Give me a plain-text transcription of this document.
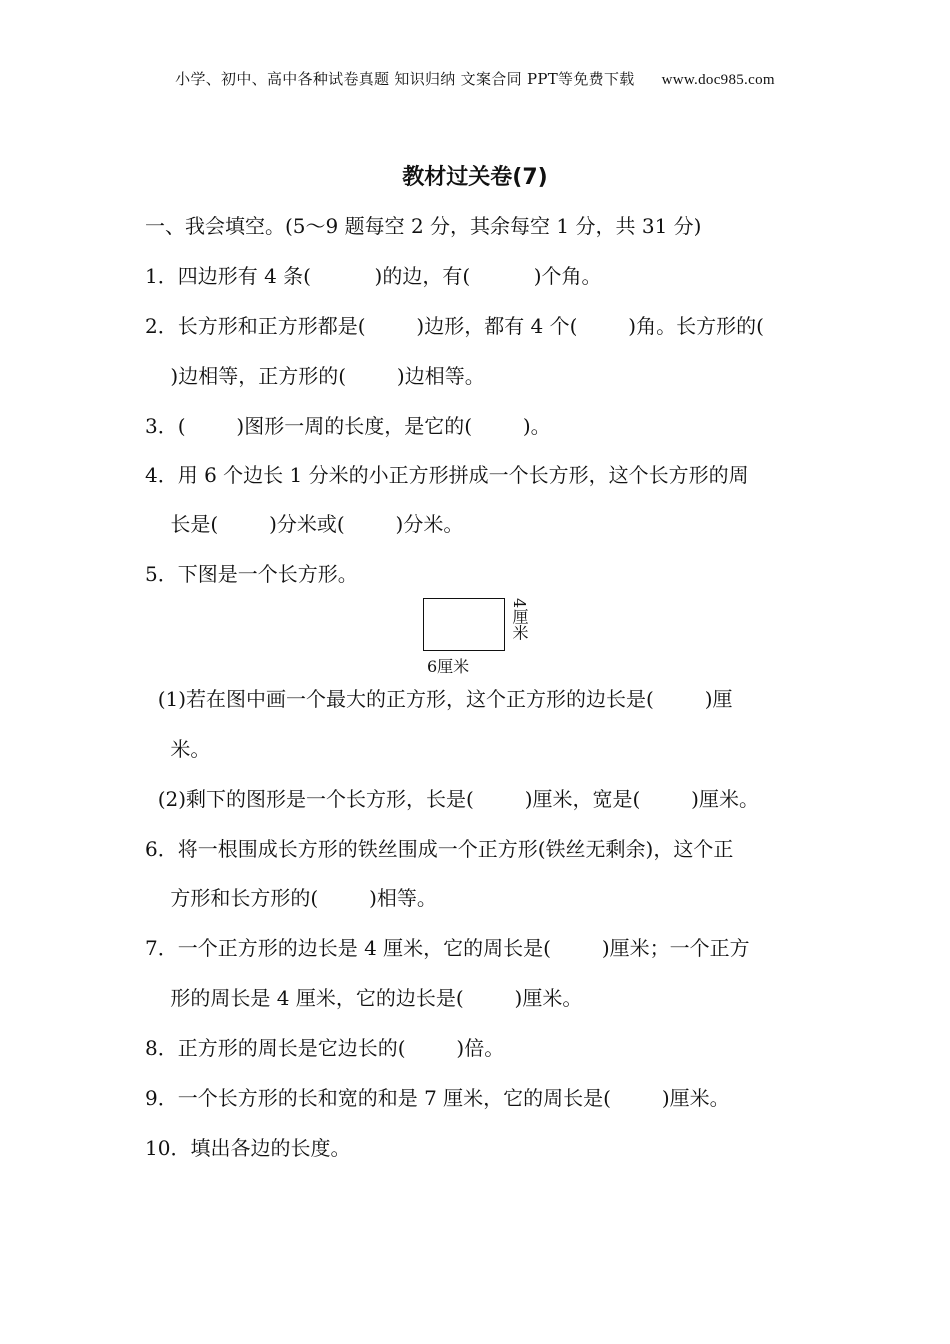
小学、初中、高中各种试卷真题 知识归纳 文案合同 PPT等免费下载 www.doc985.com
教材过关卷(7)
一、我会填空。(5～9 题每空 2 分，其余每空 1 分，共 31 分)
1．四边形有 4 条(          )的边，有(          )个角。
2．长方形和正方形都是(        )边形，都有 4 个(        )角。长方形的(
)边相等，正方形的(        )边相等。
3．(        )图形一周的长度，是它的(        )。
4．用 6 个边长 1 分米的小正方形拼成一个长方形，这个长方形的周
长是(        )分米或(        )分米。
5．下图是一个长方形。
6厘米
4厘米
(1)若在图中画一个最大的正方形，这个正方形的边长是(        )厘
米。
(2)剩下的图形是一个长方形，长是(        )厘米，宽是(        )厘米。
6．将一根围成长方形的铁丝围成一个正方形(铁丝无剩余)，这个正
方形和长方形的(        )相等。
7．一个正方形的边长是 4 厘米，它的周长是(        )厘米；一个正方
形的周长是 4 厘米，它的边长是(        )厘米。
8．正方形的周长是它边长的(        )倍。
9．一个长方形的长和宽的和是 7 厘米，它的周长是(        )厘米。
10．填出各边的长度。
